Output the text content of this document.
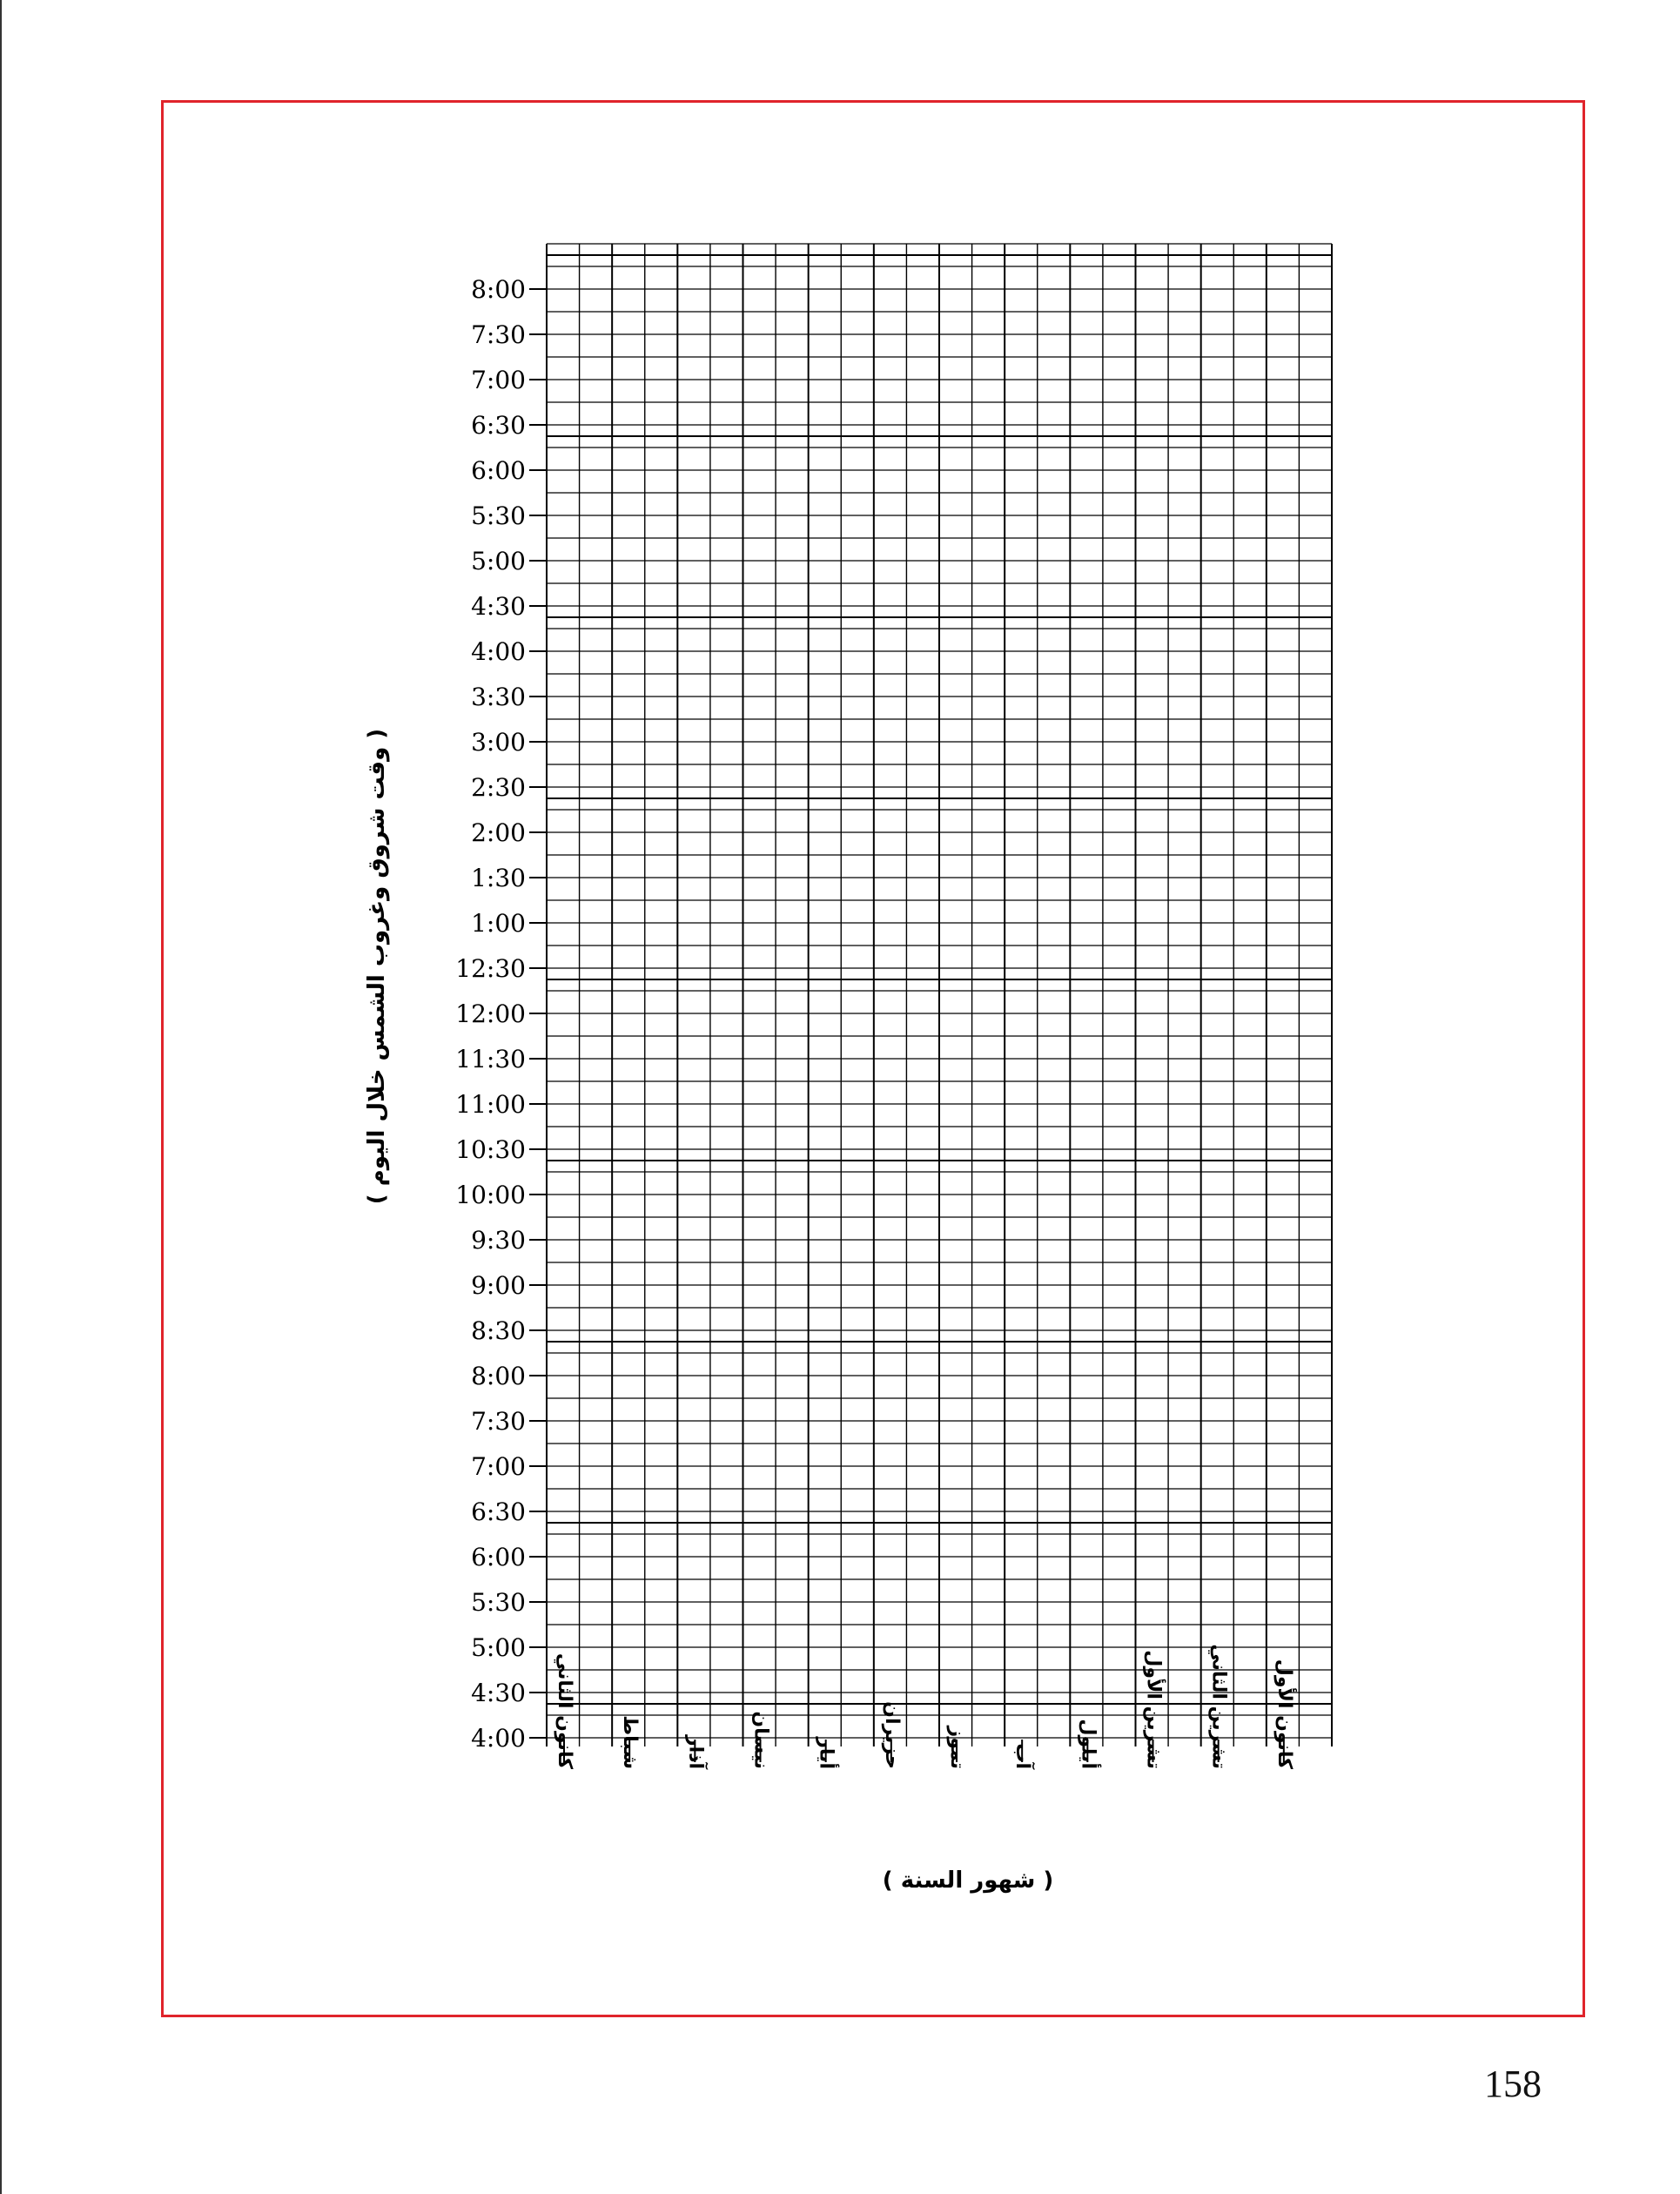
4:00
4:30
5:00
5:30
6:00
6:30
7:00
7:30
8:00
8:30
9:00
9:30
10:00
10:30
11:00
11:30
12:00
12:30
1:00
1:30
2:00
2:30
3:00
3:30
4:00
4:30
5:00
5:30
6:00
6:30
7:00
7:30
8:00
كانون الثاني شباط آذار نيسان أيار حزيران تموز آب أيلول تشرين الأول تشرين الثاني كانون الأول
( وقت شروق وغروب الشمس خلال اليوم )
( شهور السنة )
158
